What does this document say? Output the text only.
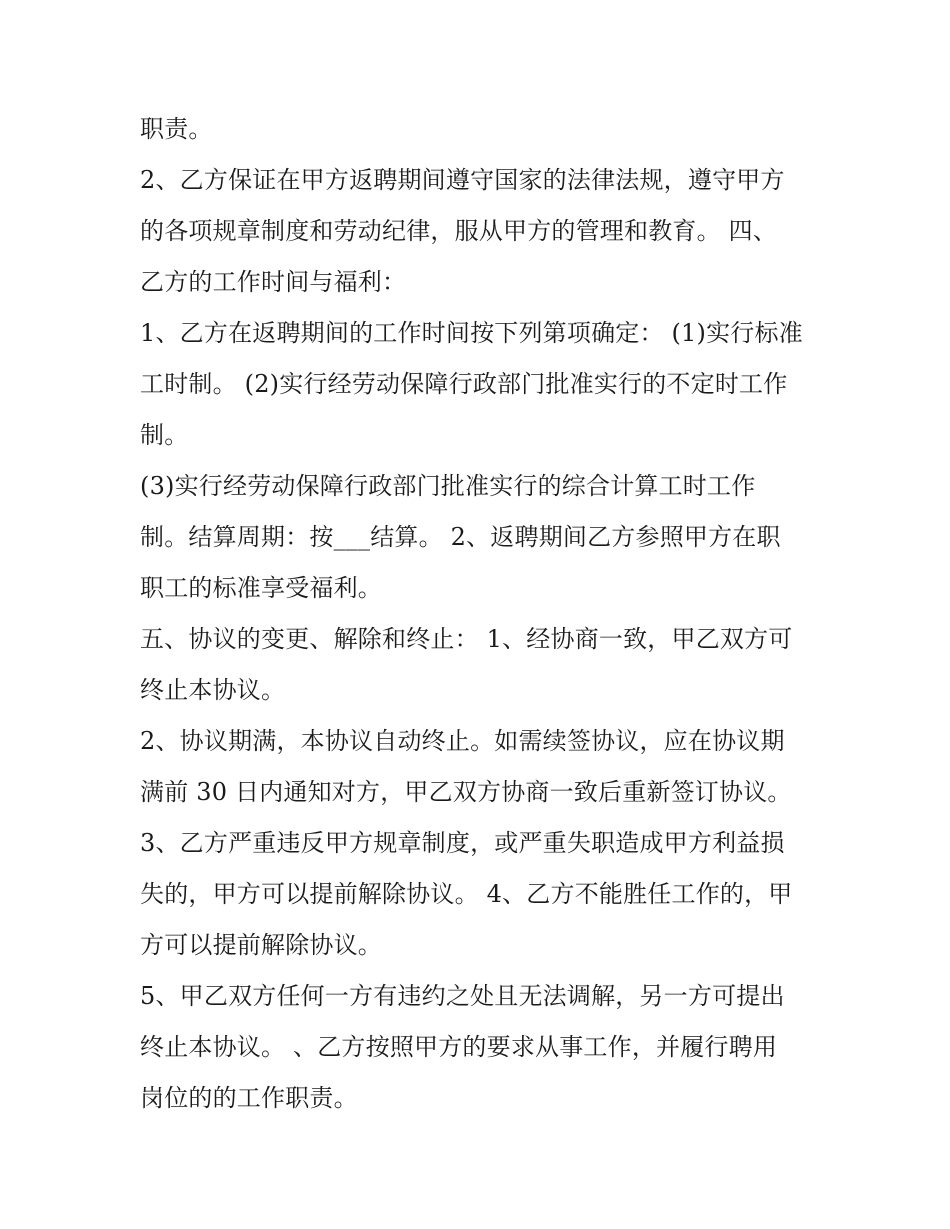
职责。
2、乙方保证在甲方返聘期间遵守国家的法律法规，遵守甲方
的各项规章制度和劳动纪律，服从甲方的管理和教育。 四、
乙方的工作时间与福利：
1、乙方在返聘期间的工作时间按下列第项确定： (1)实行标准
工时制。 (2)实行经劳动保障行政部门批准实行的不定时工作
制。
(3)实行经劳动保障行政部门批准实行的综合计算工时工作
制。结算周期：按___结算。 2、返聘期间乙方参照甲方在职
职工的标准享受福利。
五、协议的变更、解除和终止： 1、经协商一致，甲乙双方可
终止本协议。
2、协议期满，本协议自动终止。如需续签协议，应在协议期
满前 30 日内通知对方，甲乙双方协商一致后重新签订协议。
3、乙方严重违反甲方规章制度，或严重失职造成甲方利益损
失的，甲方可以提前解除协议。 4、乙方不能胜任工作的，甲
方可以提前解除协议。
5、甲乙双方任何一方有违约之处且无法调解，另一方可提出
终止本协议。 、乙方按照甲方的要求从事工作，并履行聘用
岗位的的工作职责。
